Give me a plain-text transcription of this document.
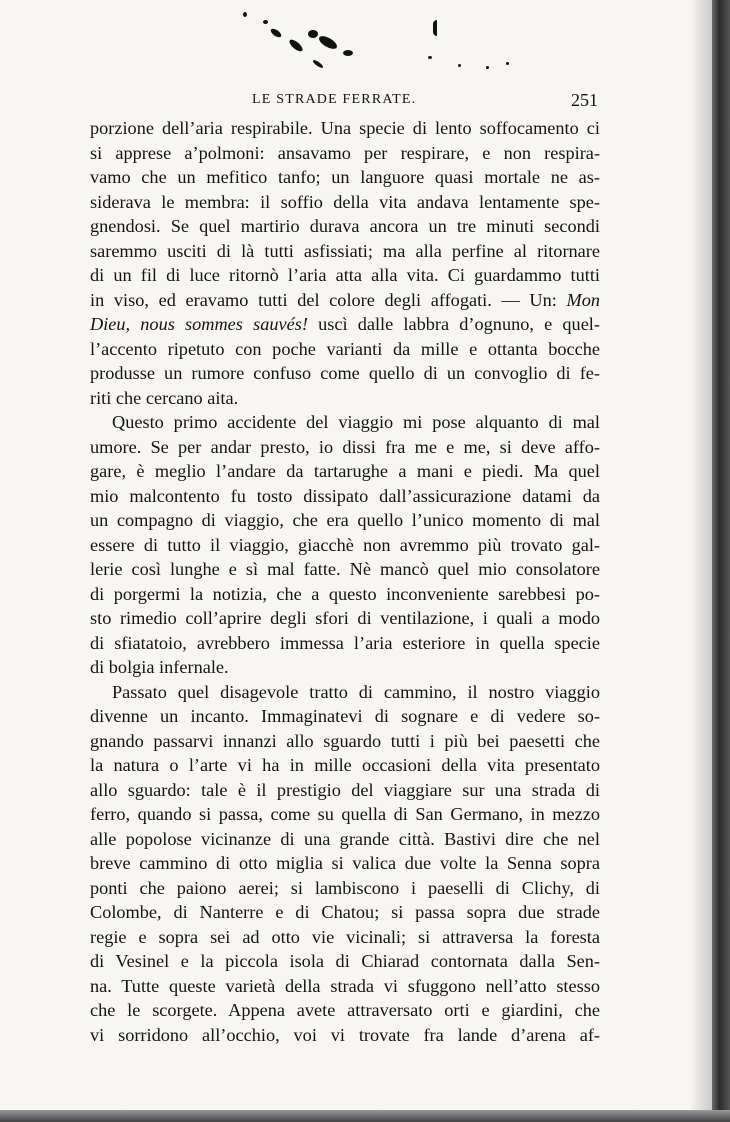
LE STRADE FERRATE.	251
porzione dell’aria respirabile. Una specie di lento soffocamento ci
si apprese a’polmoni: ansavamo per respirare, e non respira-
vamo che un mefitico tanfo; un languore quasi mortale ne as-
siderava le membra: il soffio della vita andava lentamente spe-
gnendosi. Se quel martirio durava ancora un tre minuti secondi
saremmo usciti di là tutti asfissiati; ma alla perfine al ritornare
di un fil di luce ritornò l’aria atta alla vita. Ci guardammo tutti
in viso, ed eravamo tutti del colore degli affogati. — Un: Mon
Dieu, nous sommes sauvés! uscì dalle labbra d’ognuno, e quel-
l’accento ripetuto con poche varianti da mille e ottanta bocche
produsse un rumore confuso come quello di un convoglio di fe-
riti che cercano aita.
Questo primo accidente del viaggio mi pose alquanto di mal
umore. Se per andar presto, io dissi fra me e me, si deve affo-
gare, è meglio l’andare da tartarughe a mani e piedi. Ma quel
mio malcontento fu tosto dissipato dall’assicurazione datami da
un compagno di viaggio, che era quello l’unico momento di mal
essere di tutto il viaggio, giacchè non avremmo più trovato gal-
lerie così lunghe e sì mal fatte. Nè mancò quel mio consolatore
di porgermi la notizia, che a questo inconveniente sarebbesi po-
sto rimedio coll’aprire degli sfori di ventilazione, i quali a modo
di sfiatatoio, avrebbero immessa l’aria esteriore in quella specie
di bolgia infernale.
Passato quel disagevole tratto di cammino, il nostro viaggio
divenne un incanto. Immaginatevi di sognare e di vedere so-
gnando passarvi innanzi allo sguardo tutti i più bei paesetti che
la natura o l’arte vi ha in mille occasioni della vita presentato
allo sguardo: tale è il prestigio del viaggiare sur una strada di
ferro, quando si passa, come su quella di San Germano, in mezzo
alle popolose vicinanze di una grande città. Bastivi dire che nel
breve cammino di otto miglia si valica due volte la Senna sopra
ponti che paiono aerei; si lambiscono i paeselli di Clichy, di
Colombe, di Nanterre e di Chatou; si passa sopra due strade
regie e sopra sei ad otto vie vicinali; si attraversa la foresta
di Vesinel e la piccola isola di Chiarad contornata dalla Sen-
na. Tutte queste varietà della strada vi sfuggono nell’atto stesso
che le scorgete. Appena avete attraversato orti e giardini, che
vi sorridono all’occhio, voi vi trovate fra lande d’arena af-
